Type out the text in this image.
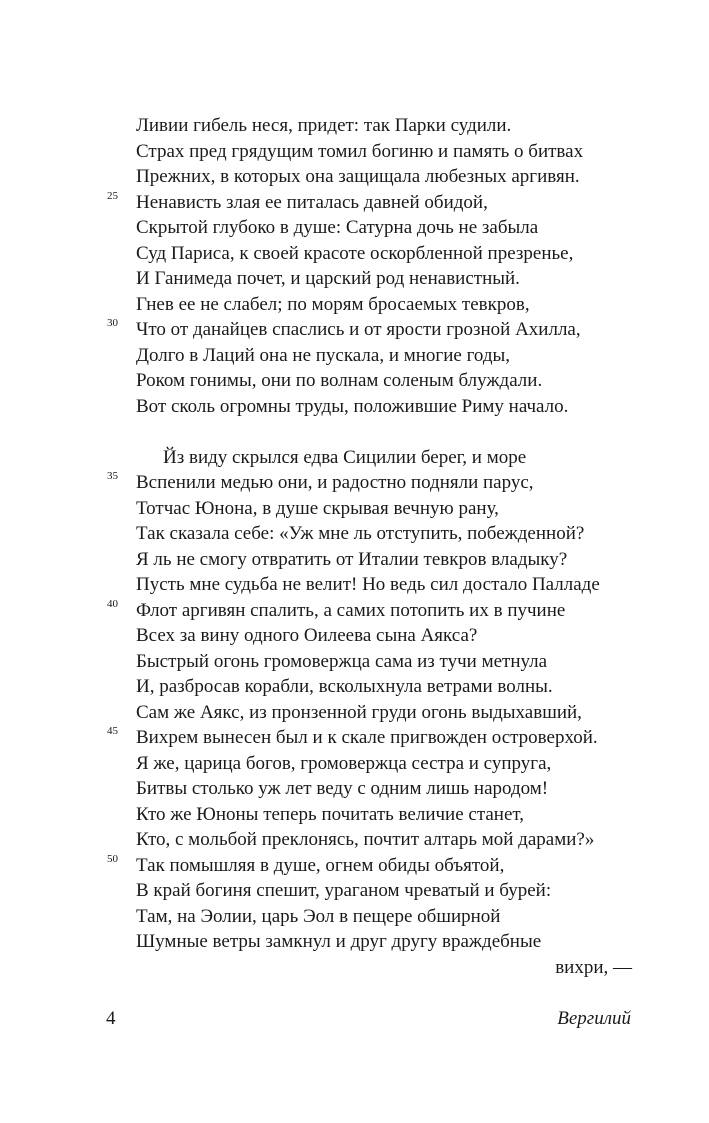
Ливии гибель неся, придет: так Парки судили.
Страх пред грядущим томил богиню и память о битвах
Прежних, в которых она защищала любезных аргивян.
25 Ненависть злая ее питалась давней обидой,
Скрытой глубоко в душе: Сатурна дочь не забыла
Суд Париса, к своей красоте оскорбленной презренье,
И Ганимеда почет, и царский род ненавистный.
Гнев ее не слабел; по морям бросаемых тевкров,
30 Что от данайцев спаслись и от ярости грозной Ахилла,
Долго в Лаций она не пускала, и многие годы,
Роком гонимы, они по волнам соленым блуждали.
Вот сколь огромны труды, положившие Риму начало.
Йз виду скрылся едва Сицилии берег, и море
35 Вспенили медью они, и радостно подняли парус,
Тотчас Юнона, в душе скрывая вечную рану,
Так сказала себе: «Уж мне ль отступить, побежденной?
Я ль не смогу отвратить от Италии тевкров владыку?
Пусть мне судьба не велит! Но ведь сил достало Палладе
40 Флот аргивян спалить, а самих потопить их в пучине
Всех за вину одного Оилеева сына Аякса?
Быстрый огонь громовержца сама из тучи метнула
И, разбросав корабли, всколыхнула ветрами волны.
Сам же Аякс, из пронзенной груди огонь выдыхавший,
45 Вихрем вынесен был и к скале пригвожден островерхой.
Я же, царица богов, громовержца сестра и супруга,
Битвы столько уж лет веду с одним лишь народом!
Кто же Юноны теперь почитать величие станет,
Кто, с мольбой преклонясь, почтит алтарь мой дарами?»
50 Так помышляя в душе, огнем обиды объятой,
В край богиня спешит, ураганом чреватый и бурей:
Там, на Эолии, царь Эол в пещере обширной
Шумные ветры замкнул и друг другу враждебные
вихри, —
4	Вергилий
